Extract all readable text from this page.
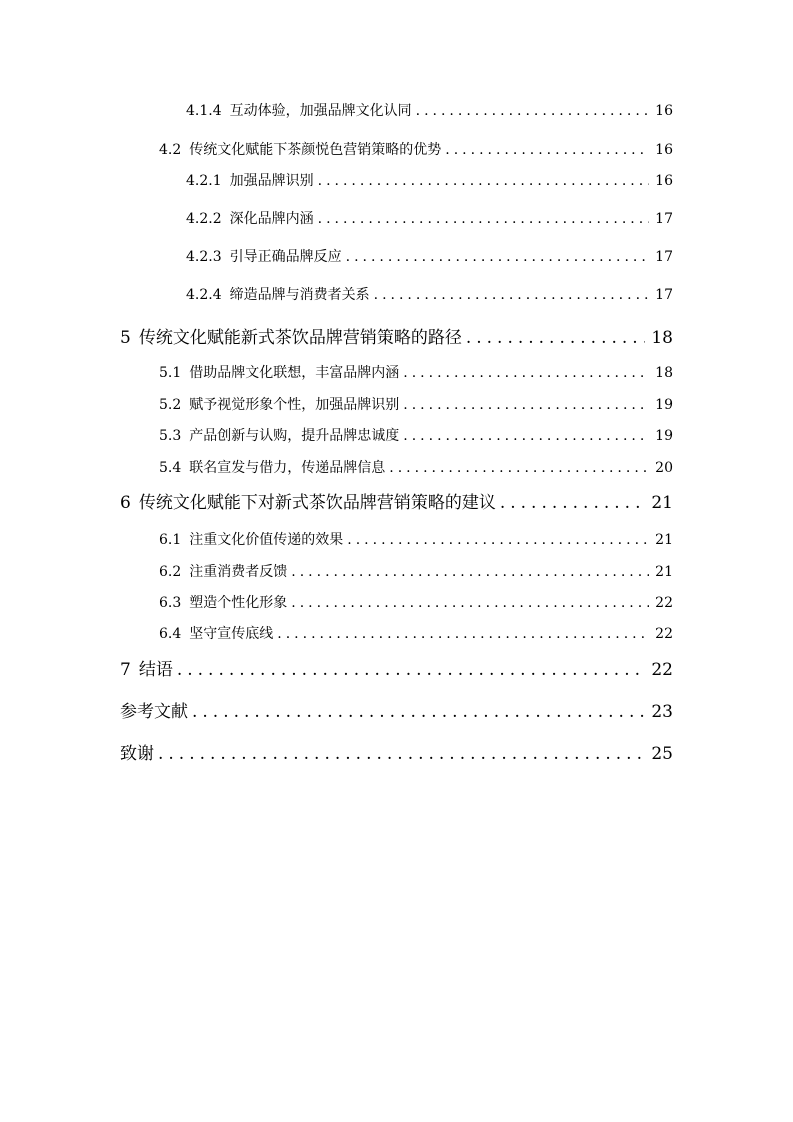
4.1.4 互动体验，加强品牌文化认同 .....	16
4.2 传统文化赋能下茶颜悦色营销策略的优势 .....	16
4.2.1 加强品牌识别 .....	16
4.2.2 深化品牌内涵 .....	17
4.2.3 引导正确品牌反应 .....	17
4.2.4 缔造品牌与消费者关系 .....	17
5 传统文化赋能新式茶饮品牌营销策略的路径 .....	18
5.1 借助品牌文化联想，丰富品牌内涵 .....	18
5.2 赋予视觉形象个性，加强品牌识别 .....	19
5.3 产品创新与认购，提升品牌忠诚度 .....	19
5.4 联名宣发与借力，传递品牌信息 .....	20
6 传统文化赋能下对新式茶饮品牌营销策略的建议 .....	21
6.1 注重文化价值传递的效果 .....	21
6.2 注重消费者反馈 .....	21
6.3 塑造个性化形象 .....	22
6.4 坚守宣传底线 .....	22
7 结语 .....	22
参考文献 .....	23
致谢 .....	25
